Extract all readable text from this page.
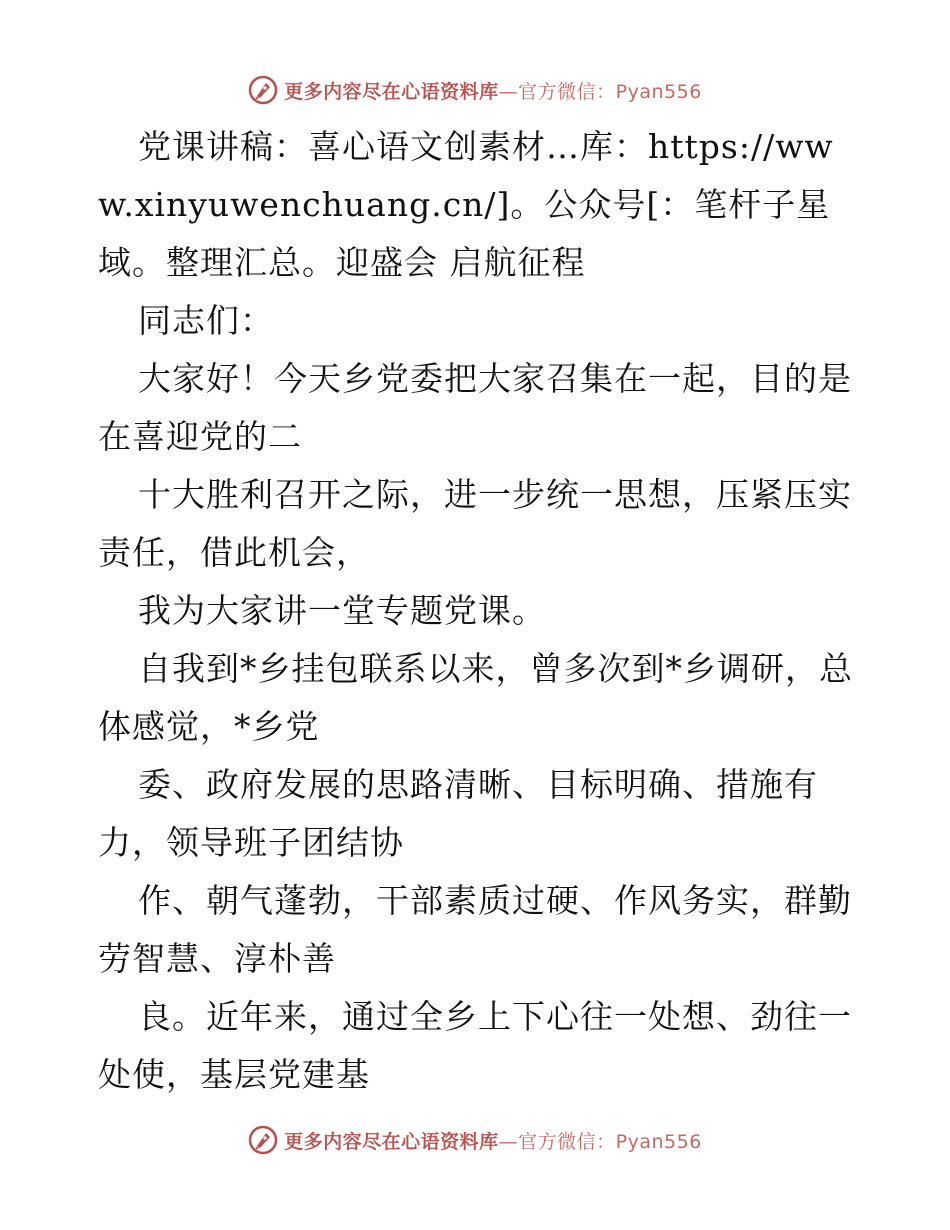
更多内容尽在心语资料库—官方微信：Pyan556

党课讲稿：喜心语文创素材…库：https://www.xinyuwenchuang.cn/]。公众号[：笔杆子星域。整理汇总。迎盛会 启航征程

同志们：

大家好！今天乡党委把大家召集在一起，目的是在喜迎党的二

十大胜利召开之际，进一步统一思想，压紧压实责任，借此机会，

我为大家讲一堂专题党课。

自我到*乡挂包联系以来，曾多次到*乡调研，总体感觉，*乡党

委、政府发展的思路清晰、目标明确、措施有力，领导班子团结协

作、朝气蓬勃，干部素质过硬、作风务实，群勤劳智慧、淳朴善

良。近年来，通过全乡上下心往一处想、劲往一处使，基层党建基

更多内容尽在心语资料库—官方微信：Pyan556
